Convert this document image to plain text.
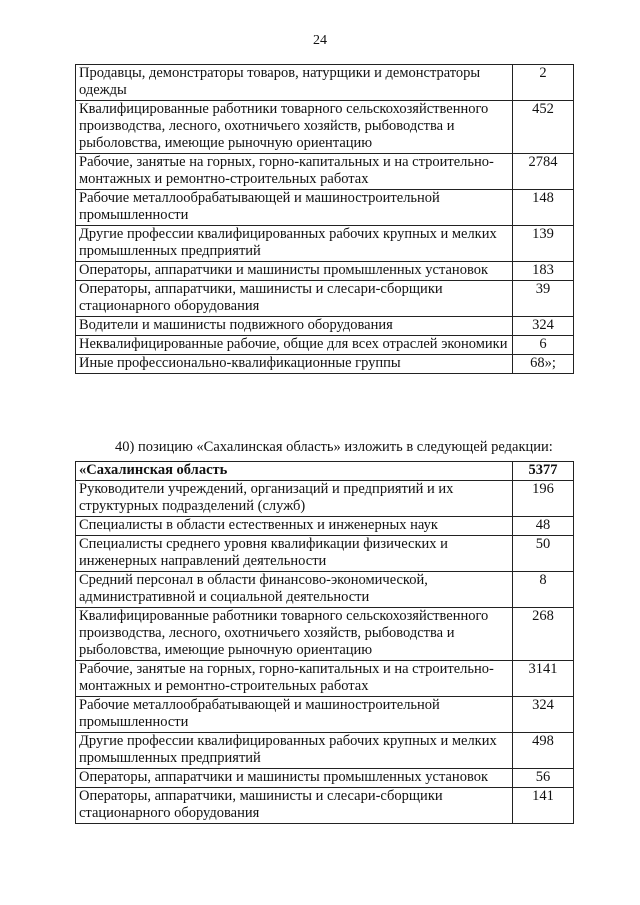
24
Продавцы, демонстраторы товаров, натурщики и демонстраторы одежды	2
Квалифицированные работники товарного сельскохозяйственного производства, лесного, охотничьего хозяйств, рыбоводства и рыболовства, имеющие рыночную ориентацию	452
Рабочие, занятые на горных, горно-капитальных и на строительно-монтажных и ремонтно-строительных работах	2784
Рабочие металлообрабатывающей и машиностроительной промышленности	148
Другие профессии квалифицированных рабочих крупных и мелких промышленных предприятий	139
Операторы, аппаратчики и машинисты промышленных установок	183
Операторы, аппаратчики, машинисты и слесари-сборщики стационарного оборудования	39
Водители и машинисты подвижного оборудования	324
Неквалифицированные рабочие, общие для всех отраслей экономики	6
Иные профессионально-квалификационные группы	68»;
40) позицию «Сахалинская область» изложить в следующей редакции:
«Сахалинская область	5377
Руководители учреждений, организаций и предприятий и их структурных подразделений (служб)	196
Специалисты в области естественных и инженерных наук	48
Специалисты среднего уровня квалификации физических и инженерных направлений деятельности	50
Средний персонал в области финансово-экономической, административной и социальной деятельности	8
Квалифицированные работники товарного сельскохозяйственного производства, лесного, охотничьего хозяйств, рыбоводства и рыболовства, имеющие рыночную ориентацию	268
Рабочие, занятые на горных, горно-капитальных и на строительно-монтажных и ремонтно-строительных работах	3141
Рабочие металлообрабатывающей и машиностроительной промышленности	324
Другие профессии квалифицированных рабочих крупных и мелких промышленных предприятий	498
Операторы, аппаратчики и машинисты промышленных установок	56
Операторы, аппаратчики, машинисты и слесари-сборщики стационарного оборудования	141
